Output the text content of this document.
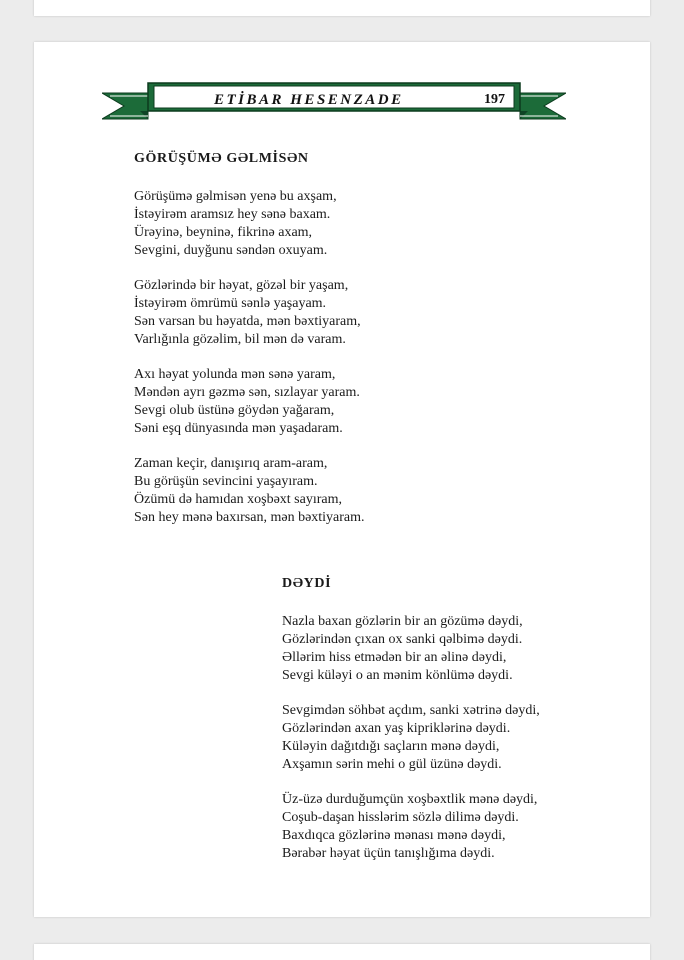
ETİBAR HESENZADE	197
GÖRÜŞÜMƏ GƏLMİSƏN
Görüşümə gəlmisən yenə bu axşam,
İstəyirəm aramsız hey sənə baxam.
Ürəyinə, beyninə, fikrinə axam,
Sevgini, duyğunu səndən oxuyam.
Gözlərində bir həyat, gözəl bir yaşam,
İstəyirəm ömrümü sənlə yaşayam.
Sən varsan bu həyatda, mən bəxtiyaram,
Varlığınla gözəlim, bil mən də varam.
Axı həyat yolunda mən sənə yaram,
Məndən ayrı gəzmə sən, sızlayar yaram.
Sevgi olub üstünə göydən yağaram,
Səni eşq dünyasında mən yaşadaram.
Zaman keçir, danışırıq aram-aram,
Bu görüşün sevincini yaşayıram.
Özümü də hamıdan xoşbəxt sayıram,
Sən hey mənə baxırsan, mən bəxtiyaram.
DƏYDİ
Nazla baxan gözlərin bir an gözümə dəydi,
Gözlərindən çıxan ox sanki qəlbimə dəydi.
Əllərim hiss etmədən bir an əlinə dəydi,
Sevgi küləyi o an mənim könlümə dəydi.
Sevgimdən söhbət açdım, sanki xətrinə dəydi,
Gözlərindən axan yaş kipriklərinə dəydi.
Küləyin dağıtdığı saçların mənə dəydi,
Axşamın sərin mehi o gül üzünə dəydi.
Üz-üzə durduğumçün xoşbəxtlik mənə dəydi,
Coşub-daşan hisslərim sözlə dilimə dəydi.
Baxdıqca gözlərinə mənası mənə dəydi,
Bərabər həyat üçün tanışlığıma dəydi.
